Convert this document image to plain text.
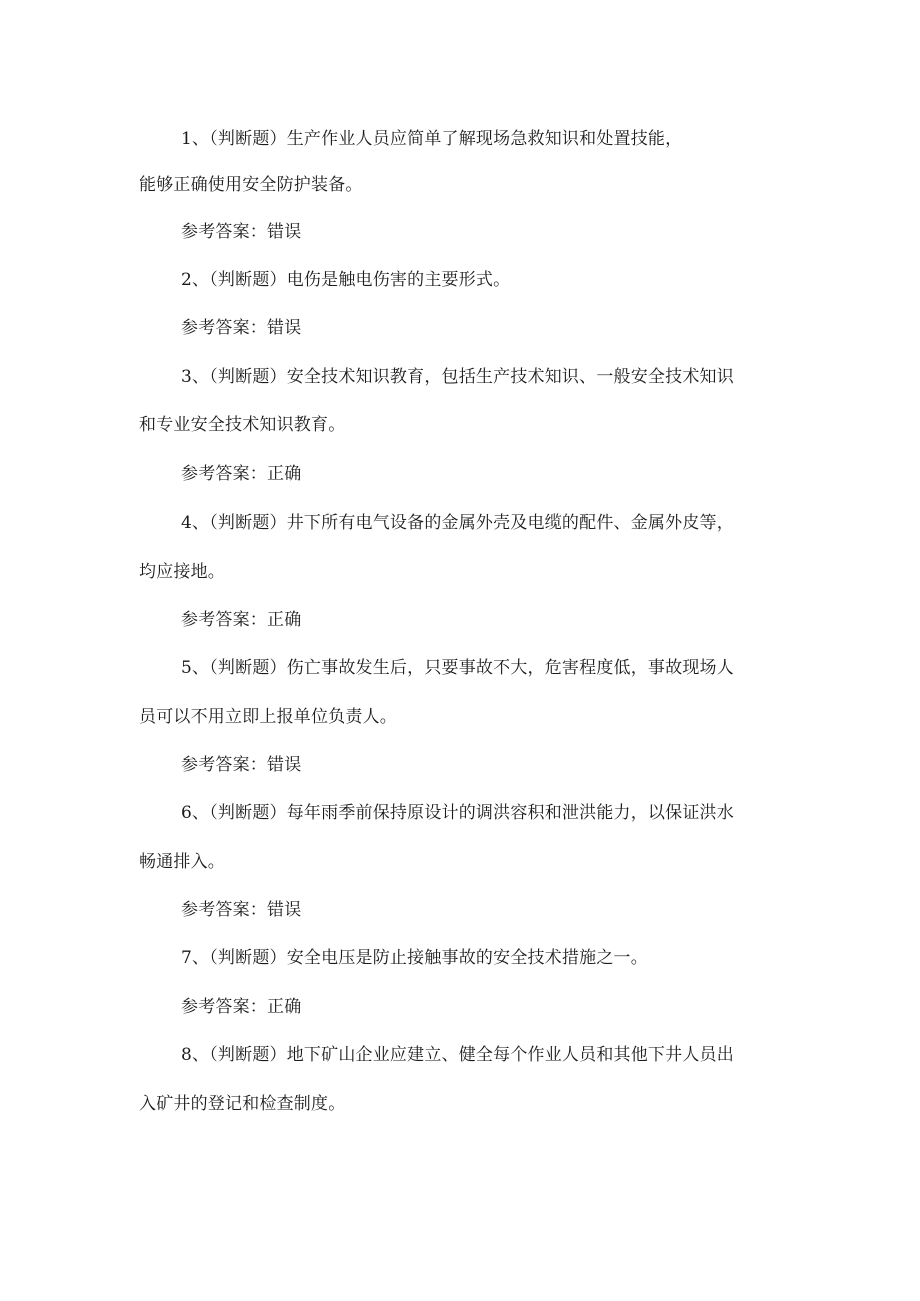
1、（判断题）生产作业人员应简单了解现场急救知识和处置技能，
能够正确使用安全防护装备。
参考答案：错误
2、（判断题）电伤是触电伤害的主要形式。
参考答案：错误
3、（判断题）安全技术知识教育，包括生产技术知识、一般安全技术知识
和专业安全技术知识教育。
参考答案：正确
4、（判断题）井下所有电气设备的金属外壳及电缆的配件、金属外皮等，
均应接地。
参考答案：正确
5、（判断题）伤亡事故发生后，只要事故不大，危害程度低，事故现场人
员可以不用立即上报单位负责人。
参考答案：错误
6、（判断题）每年雨季前保持原设计的调洪容积和泄洪能力，以保证洪水
畅通排入。
参考答案：错误
7、（判断题）安全电压是防止接触事故的安全技术措施之一。
参考答案：正确
8、（判断题）地下矿山企业应建立、健全每个作业人员和其他下井人员出
入矿井的登记和检查制度。
